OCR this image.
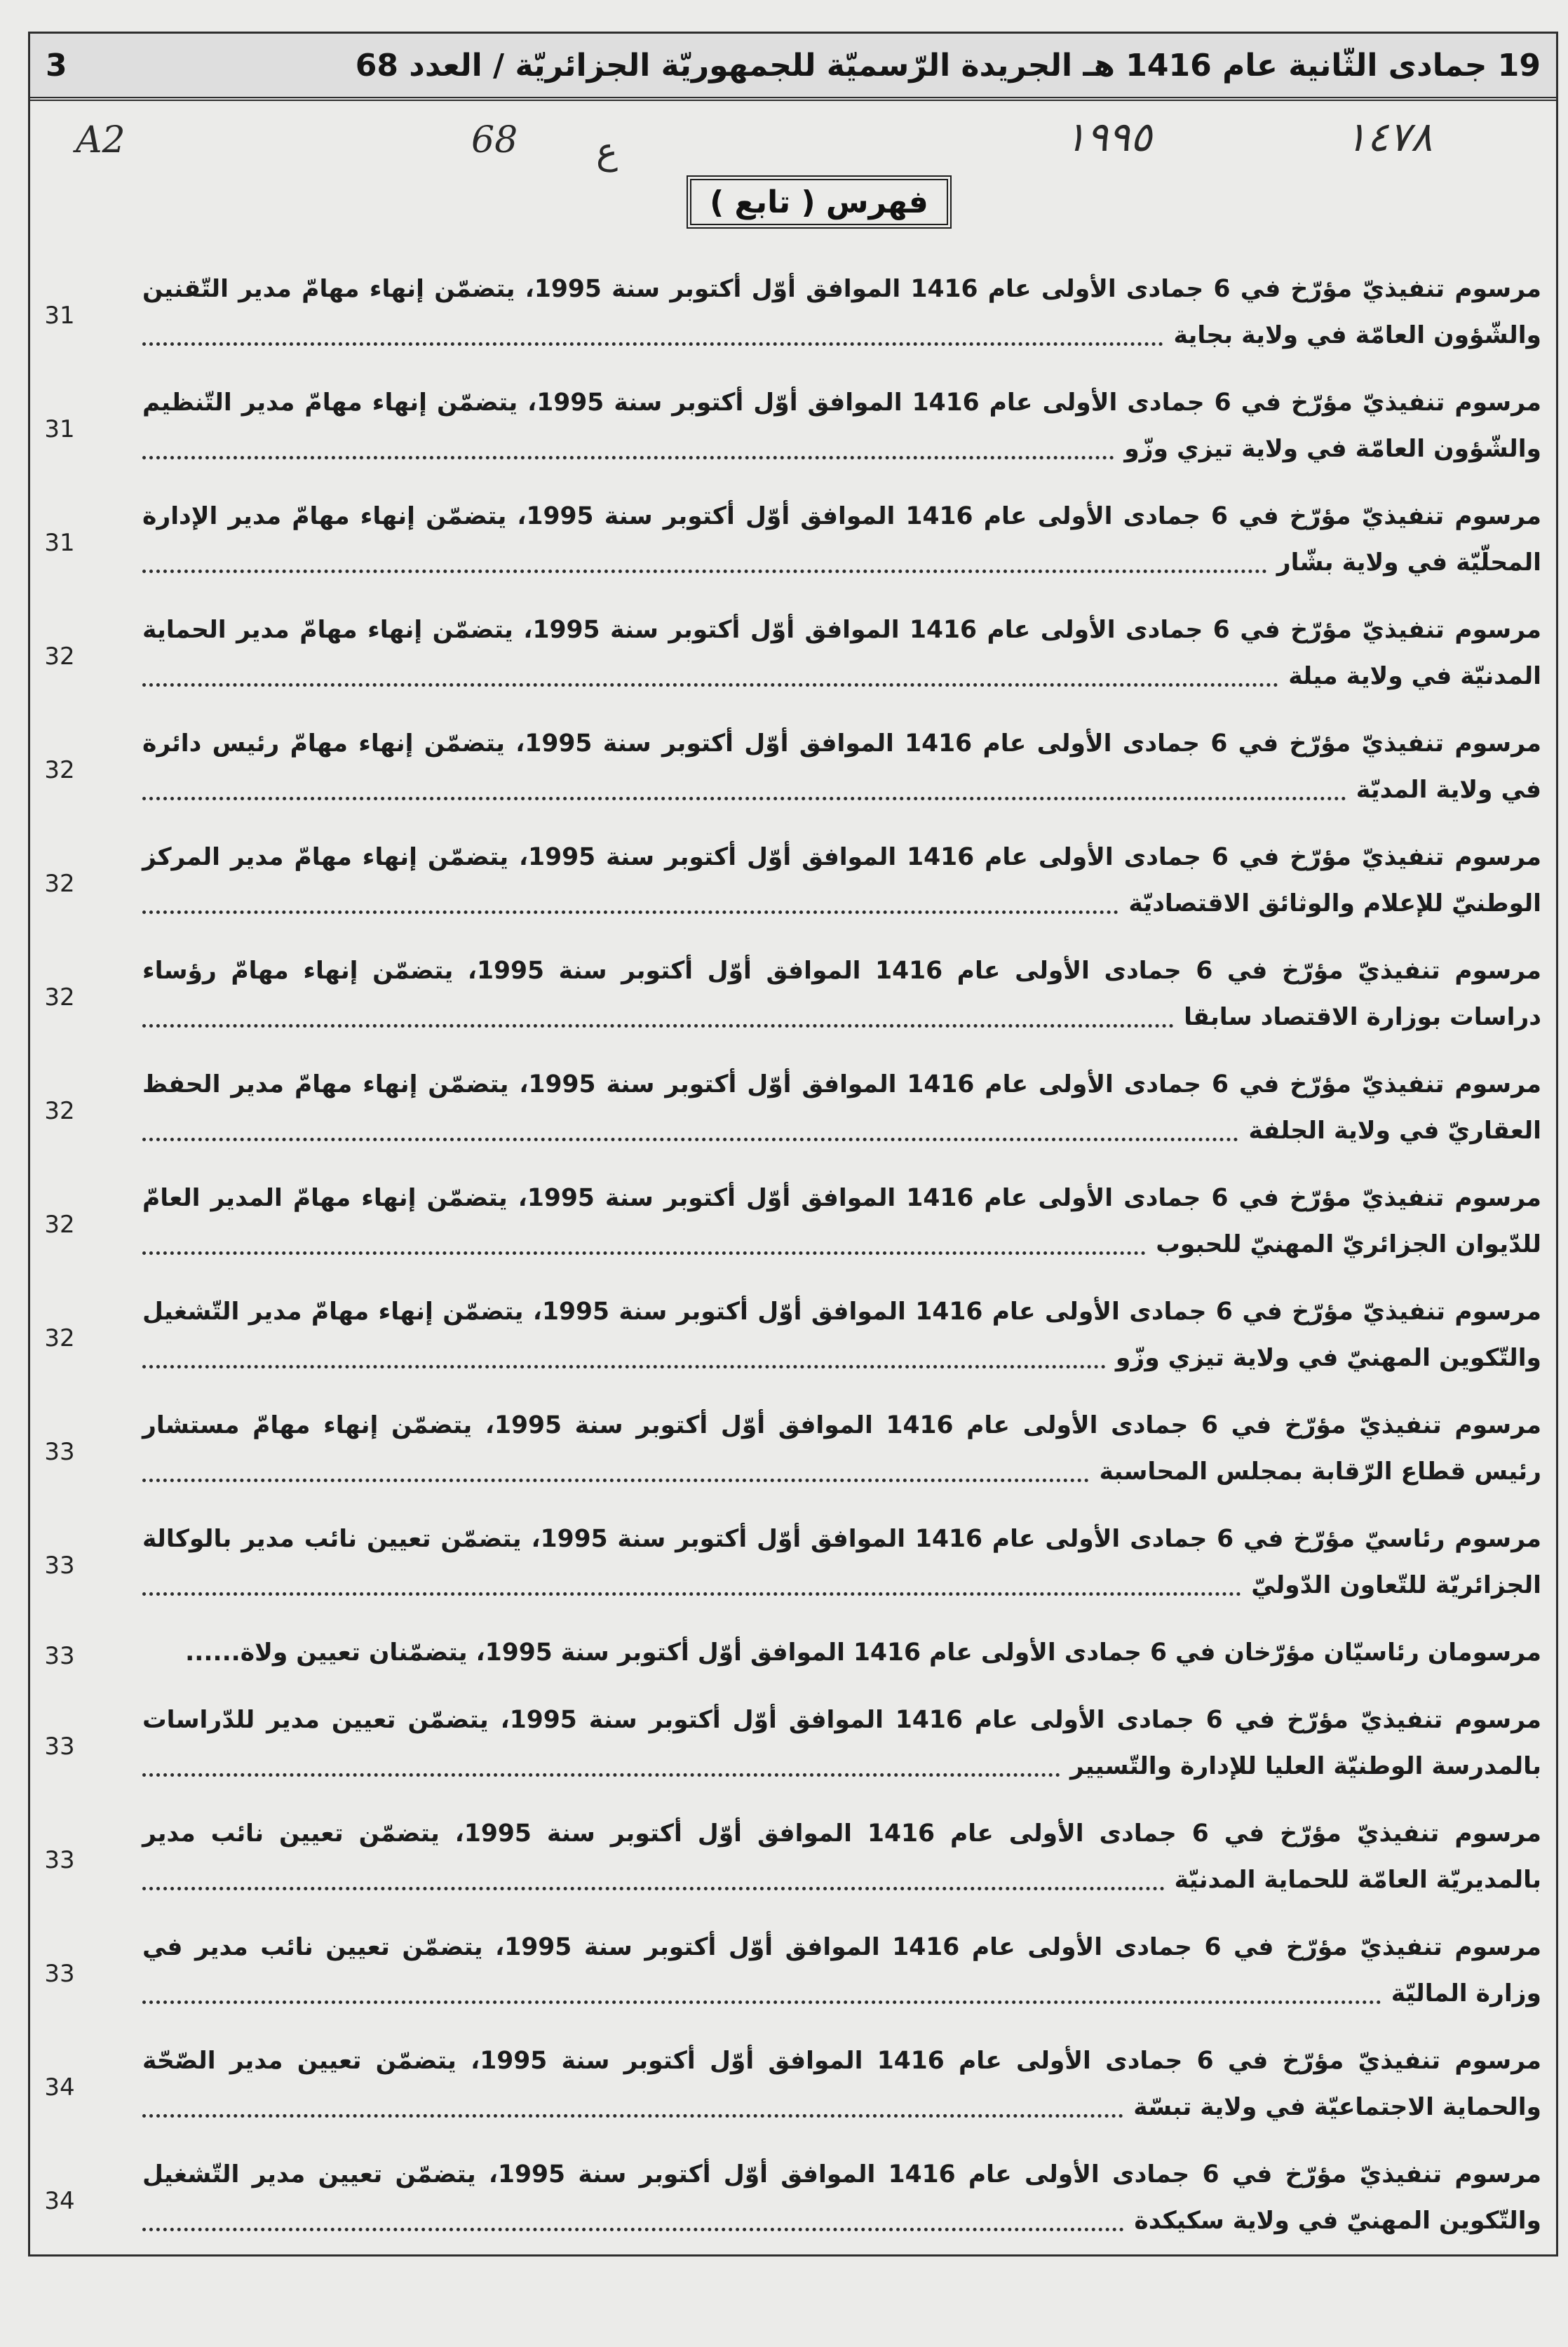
19 جمادى الثّانية عام 1416 هـ الجريدة الرّسميّة للجمهوريّة الجزائريّة / العدد 68
3
A2	68 ع	١٩٩٥	١٤٧٨
فهرس ( تابع )
مرسوم تنفيذيّ مؤرّخ في 6 جمادى الأولى عام 1416 الموافق أوّل أكتوبر سنة 1995، يتضمّن إنهاء مهامّ مدير التّقنين
والشّؤون العامّة في ولاية بجاية
31
مرسوم تنفيذيّ مؤرّخ في 6 جمادى الأولى عام 1416 الموافق أوّل أكتوبر سنة 1995، يتضمّن إنهاء مهامّ مدير التّنظيم
والشّؤون العامّة في ولاية تيزي وزّو
31
مرسوم تنفيذيّ مؤرّخ في 6 جمادى الأولى عام 1416 الموافق أوّل أكتوبر سنة 1995، يتضمّن إنهاء مهامّ مدير الإدارة
المحلّيّة في ولاية بشّار
31
مرسوم تنفيذيّ مؤرّخ في 6 جمادى الأولى عام 1416 الموافق أوّل أكتوبر سنة 1995، يتضمّن إنهاء مهامّ مدير الحماية
المدنيّة في ولاية ميلة
32
مرسوم تنفيذيّ مؤرّخ في 6 جمادى الأولى عام 1416 الموافق أوّل أكتوبر سنة 1995، يتضمّن إنهاء مهامّ رئيس دائرة
في ولاية المديّة
32
مرسوم تنفيذيّ مؤرّخ في 6 جمادى الأولى عام 1416 الموافق أوّل أكتوبر سنة 1995، يتضمّن إنهاء مهامّ مدير المركز
الوطنيّ للإعلام والوثائق الاقتصاديّة
32
مرسوم تنفيذيّ مؤرّخ في 6 جمادى الأولى عام 1416 الموافق أوّل أكتوبر سنة 1995، يتضمّن إنهاء مهامّ رؤساء
دراسات بوزارة الاقتصاد سابقا
32
مرسوم تنفيذيّ مؤرّخ في 6 جمادى الأولى عام 1416 الموافق أوّل أكتوبر سنة 1995، يتضمّن إنهاء مهامّ مدير الحفظ
العقاريّ في ولاية الجلفة
32
مرسوم تنفيذيّ مؤرّخ في 6 جمادى الأولى عام 1416 الموافق أوّل أكتوبر سنة 1995، يتضمّن إنهاء مهامّ المدير العامّ
للدّيوان الجزائريّ المهنيّ للحبوب
32
مرسوم تنفيذيّ مؤرّخ في 6 جمادى الأولى عام 1416 الموافق أوّل أكتوبر سنة 1995، يتضمّن إنهاء مهامّ مدير التّشغيل
والتّكوين المهنيّ في ولاية تيزي وزّو
32
مرسوم تنفيذيّ مؤرّخ في 6 جمادى الأولى عام 1416 الموافق أوّل أكتوبر سنة 1995، يتضمّن إنهاء مهامّ مستشار
رئيس قطاع الرّقابة بمجلس المحاسبة
33
مرسوم رئاسيّ مؤرّخ في 6 جمادى الأولى عام 1416 الموافق أوّل أكتوبر سنة 1995، يتضمّن تعيين نائب مدير بالوكالة
الجزائريّة للتّعاون الدّوليّ
33
مرسومان رئاسيّان مؤرّخان في 6 جمادى الأولى عام 1416 الموافق أوّل أكتوبر سنة 1995، يتضمّنان تعيين ولاة......
33
مرسوم تنفيذيّ مؤرّخ في 6 جمادى الأولى عام 1416 الموافق أوّل أكتوبر سنة 1995، يتضمّن تعيين مدير للدّراسات
بالمدرسة الوطنيّة العليا للإدارة والتّسيير
33
مرسوم تنفيذيّ مؤرّخ في 6 جمادى الأولى عام 1416 الموافق أوّل أكتوبر سنة 1995، يتضمّن تعيين نائب مدير
بالمديريّة العامّة للحماية المدنيّة
33
مرسوم تنفيذيّ مؤرّخ في 6 جمادى الأولى عام 1416 الموافق أوّل أكتوبر سنة 1995، يتضمّن تعيين نائب مدير في
وزارة الماليّة
33
مرسوم تنفيذيّ مؤرّخ في 6 جمادى الأولى عام 1416 الموافق أوّل أكتوبر سنة 1995، يتضمّن تعيين مدير الصّحّة
والحماية الاجتماعيّة في ولاية تبسّة
34
مرسوم تنفيذيّ مؤرّخ في 6 جمادى الأولى عام 1416 الموافق أوّل أكتوبر سنة 1995، يتضمّن تعيين مدير التّشغيل
والتّكوين المهنيّ في ولاية سكيكدة
34
